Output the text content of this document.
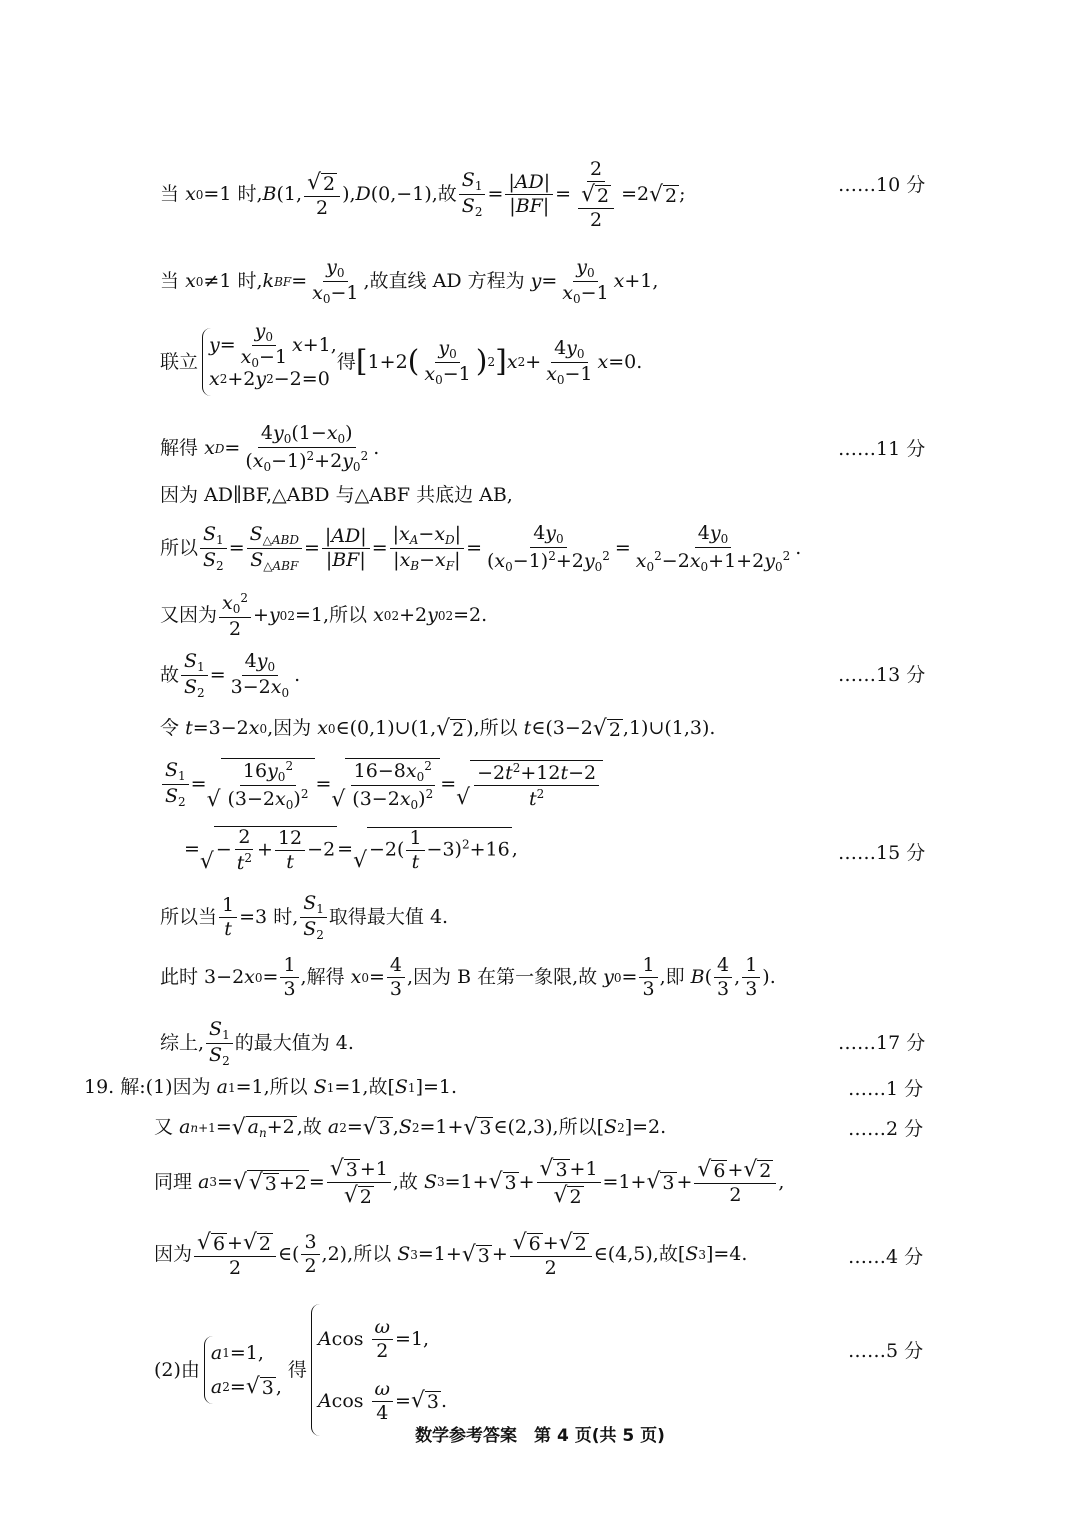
当
x 0 =1 时 , B (1, $\frac{√ 2}{2}$ ), D (0,−1), 故 $\frac{S_1}{S_2} = \frac{|AD|}{|BF|} = \frac{2}{\frac{√ 2}{2}} =2$ √ 2 ;	……10 分
当
x 0 ≠1 时 , k BF = $\frac{y_0}{x_0-1}$ ,故直线 AD 方程为
$y = \frac{y_0}{x_0-1}$ x +1,
联立
$y = \frac{y_0}{x_0-1}$ x +1,
x 2 +2 y 2 −2=0
得 [ 1+2 ( $\frac{y_0}{x_0-1}$ ) 2 ] x $2 + \frac{4y_0}{x_0-1}$ x =0.
解得
x $D = \frac{4y_0(1-x_0)}{(x_0-1)^2+2y_0^2}$ .	……11 分
因为 AD∥BF,△ABD 与△ABF 共底边 AB,
所以 $\frac{S_1}{S_2} = \frac{S_{\triangle ABD}}{S_{\triangle ABF}} = \frac{|AD|}{|BF|} = \frac{|x_A-x_D|}{|x_B-x_F|} = \frac{4y_0}{(x_0-1)^2+2y_0^2} = \frac{4y_0}{x_0^2-2x_0+1+2y_0^2}$ .
又因为 $\frac{x_0^2}{2} + y$ 0 2 =1, 所以
x 0 2 +2 y 0 2 =2.
故 $\frac{S_1}{S_2} = \frac{4y_0}{3-2x_0}$ .	……13 分
令
t =3−2 x 0 , 因为
x 0 ∈(0,1)∪(1, √ 2 ), 所以
t ∈(3−2 √ 2 ,1)∪(1,3).
$\frac{S_1}{S_2}$ =
√ $\frac{16y_0^2}{(3-2x_0)^2}$ =
√ $\frac{16-8x_0^2}{(3-2x_0)^2}$ =
√ $\frac{-2t^2+12t-2}{t^2}$
=
√ − $\frac{2}{t^2} + \frac{12}{t} -2$ = √ $-2( \frac{1}{t} -3)^2+16$ ,	……15 分
所以 当 $\frac{1}{t} =3$ 时 , $\frac{S_1}{S_2}$ 取得最大值 4.
此时 3−2 x $0 = \frac{1}{3}$ ,解得
x $0 = \frac{4}{3}$ ,因为 B 在第一象限,故
y $0 = \frac{1}{3}$ ,即
B ( $\frac{4}{3}$ , $\frac{1}{3}$ ).
综上, $\frac{S_1}{S_2}$ 的最大值为 4.	……17 分
19. 解:(1)因为
a 1 =1, 所以
S 1 =1, 故 [ S 1 ]=1.	……1 分
又
a n+1 = √ $a_n+2$ , 故
a 2 = √ 3 , S 2 =1+ √ 3 ∈(2,3), 所以 [ S 2 ]=2.	……2 分
同理
a 3 = √ √ $3 +2 = \frac{√ 3 +1}{√ 2}$ , 故
S 3 =1+ √ $3 + \frac{√ 3 +1}{√ 2} =1+$ √ $3 + \frac{√ 6 + √ 2}{2}$ ,
因为 $\frac{√ 6 + √ 2}{2}$ ∈( $\frac{3}{2} ,2$), 所以
S 3 =1+ √ $3 + \frac{√ 6 + √ 2}{2}$ ∈(4,5), 故 [ S 3 ]=4.	……4 分
(2)由
a 1 =1,
a 2 = √ 3 ,

得
A $\cos \frac{\omega}{2} =1$,
A $\cos \frac{\omega}{4}$ = √ 3 .
……5 分
数学参考答案　第 4 页(共 5 页)
